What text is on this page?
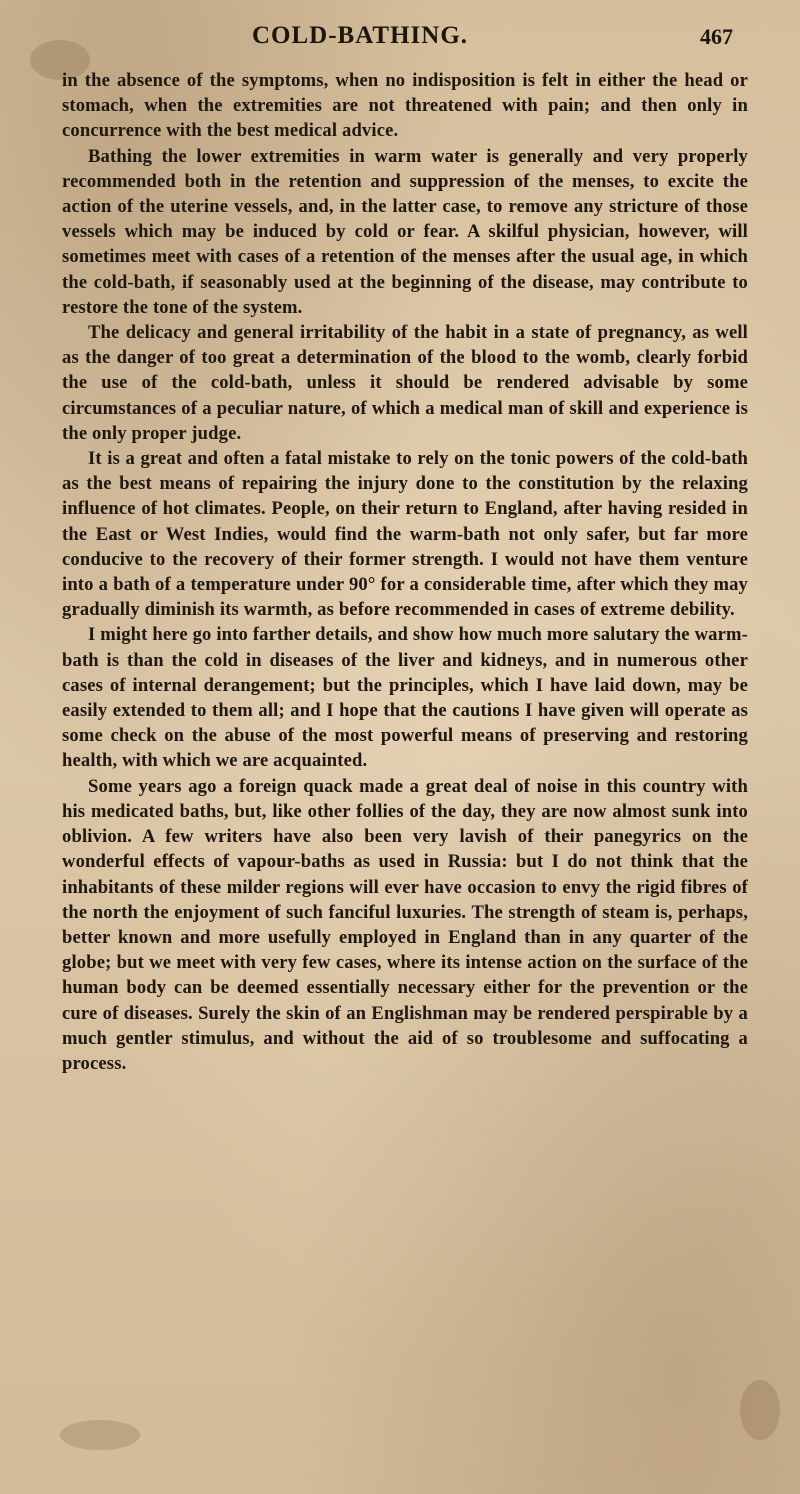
COLD-BATHING.	467

in the absence of the symptoms, when no indisposition is felt in either the head or stomach, when the extremities are not threatened with pain; and then only in concurrence with the best medical advice.

Bathing the lower extremities in warm water is generally and very properly recommended both in the retention and suppression of the menses, to excite the action of the uterine vessels, and, in the latter case, to remove any stricture of those vessels which may be induced by cold or fear. A skilful physician, however, will sometimes meet with cases of a retention of the menses after the usual age, in which the cold-bath, if seasonably used at the beginning of the disease, may contribute to restore the tone of the system.

The delicacy and general irritability of the habit in a state of pregnancy, as well as the danger of too great a determination of the blood to the womb, clearly forbid the use of the cold-bath, unless it should be rendered advisable by some circumstances of a peculiar nature, of which a medical man of skill and experience is the only proper judge.

It is a great and often a fatal mistake to rely on the tonic powers of the cold-bath as the best means of repairing the injury done to the constitution by the relaxing influence of hot climates. People, on their return to England, after having resided in the East or West Indies, would find the warm-bath not only safer, but far more conducive to the recovery of their former strength. I would not have them venture into a bath of a temperature under 90° for a considerable time, after which they may gradually diminish its warmth, as before recommended in cases of extreme debility.

I might here go into farther details, and show how much more salutary the warm-bath is than the cold in diseases of the liver and kidneys, and in numerous other cases of internal derangement; but the principles, which I have laid down, may be easily extended to them all; and I hope that the cautions I have given will operate as some check on the abuse of the most powerful means of preserving and restoring health, with which we are acquainted.

Some years ago a foreign quack made a great deal of noise in this country with his medicated baths, but, like other follies of the day, they are now almost sunk into oblivion. A few writers have also been very lavish of their panegyrics on the wonderful effects of vapour-baths as used in Russia: but I do not think that the inhabitants of these milder regions will ever have occasion to envy the rigid fibres of the north the enjoyment of such fanciful luxuries. The strength of steam is, perhaps, better known and more usefully employed in England than in any quarter of the globe; but we meet with very few cases, where its intense action on the surface of the human body can be deemed essentially necessary either for the prevention or the cure of diseases. Surely the skin of an Englishman may be rendered perspirable by a much gentler stimulus, and without the aid of so troublesome and suffocating a process.
